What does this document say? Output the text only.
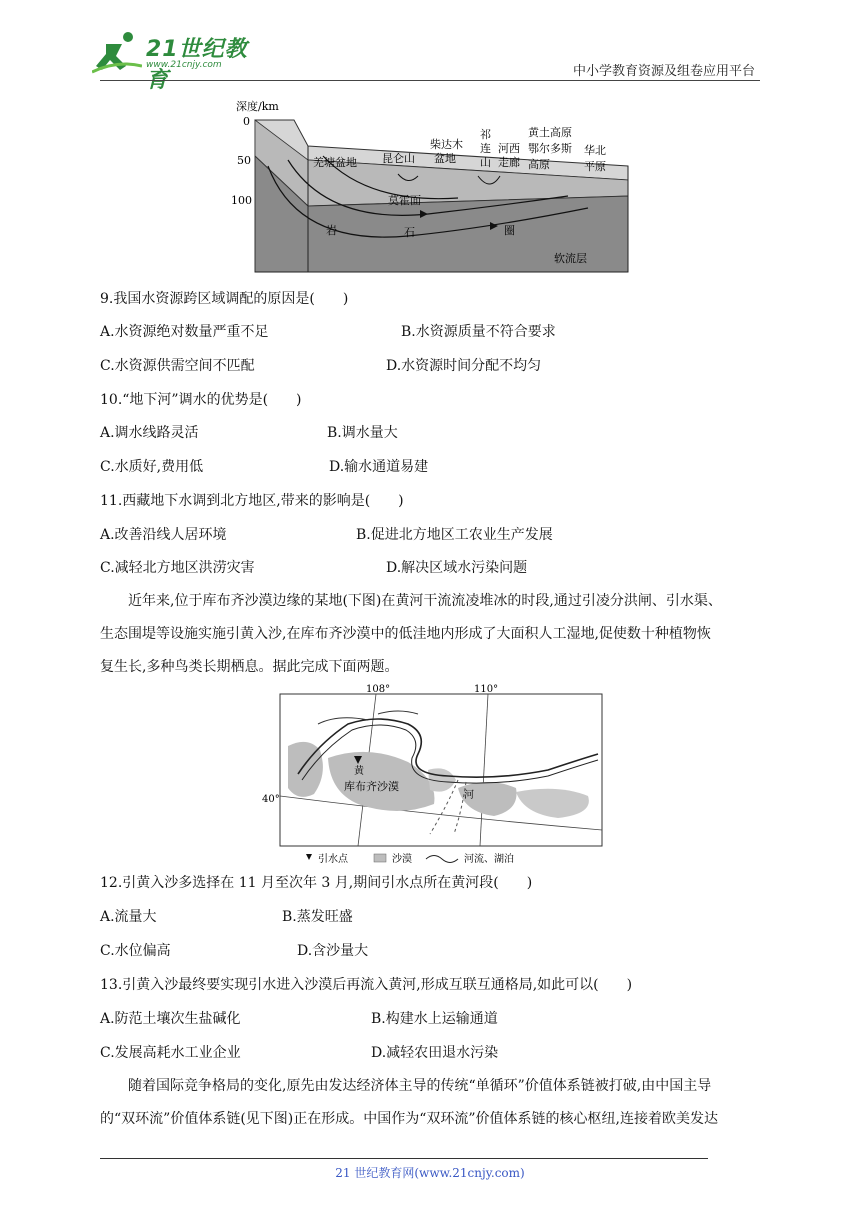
21世纪教育
www.21cnjy.com	中小学教育资源及组卷应用平台
深度/km
0
50
100
羌塘盆地 昆仑山
柴达木
盆地
祁
连
山
河西
走廊
黄土高原
鄂尔多斯
高原
华北
平原
莫霍面
岩	石	圈
软流层
9.我国水资源跨区域调配的原因是(　　)
A.水资源绝对数量严重不足	B.水资源质量不符合要求
C.水资源供需空间不匹配	D.水资源时间分配不均匀
10.“地下河”调水的优势是(　　)
A.调水线路灵活	B.调水量大
C.水质好,费用低	D.输水通道易建
11.西藏地下水调到北方地区,带来的影响是(　　)
A.改善沿线人居环境	B.促进北方地区工农业生产发展
C.减轻北方地区洪涝灾害	D.解决区域水污染问题
近年来,位于库布齐沙漠边缘的某地(下图)在黄河干流流凌堆冰的时段,通过引凌分洪闸、引水渠、
生态围堤等设施实施引黄入沙,在库布齐沙漠中的低洼地内形成了大面积人工湿地,促使数十种植物恢
复生长,多种鸟类长期栖息。据此完成下面两题。
108°	110°
40°
黄
河
库布齐沙漠
引水点	沙漠	河流、湖泊
12.引黄入沙多选择在 11 月至次年 3 月,期间引水点所在黄河段(　　)
A.流量大	B.蒸发旺盛
C.水位偏高	D.含沙量大
13.引黄入沙最终要实现引水进入沙漠后再流入黄河,形成互联互通格局,如此可以(　　)
A.防范土壤次生盐碱化	B.构建水上运输通道
C.发展高耗水工业企业	D.减轻农田退水污染
随着国际竞争格局的变化,原先由发达经济体主导的传统“单循环”价值体系链被打破,由中国主导
的“双环流”价值体系链(见下图)正在形成。中国作为“双环流”价值体系链的核心枢纽,连接着欧美发达
21 世纪教育网(www.21cnjy.com)
